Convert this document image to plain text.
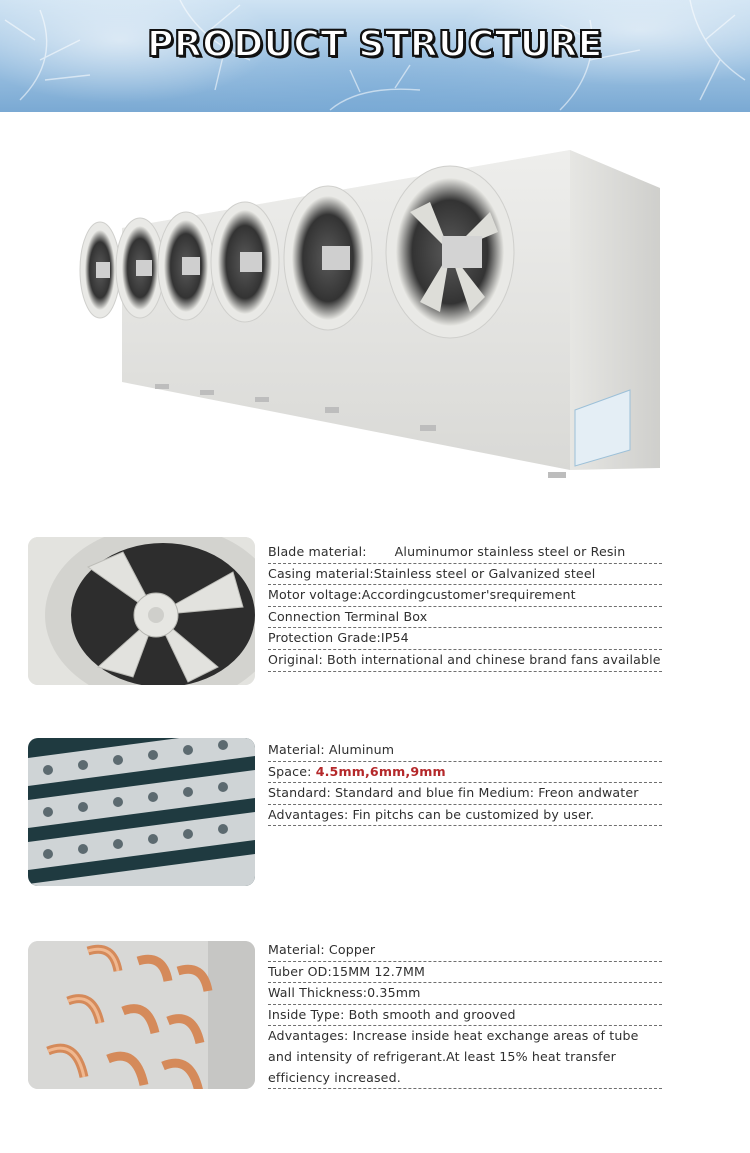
PRODUCT STRUCTURE
Blade material: Aluminumor stainless steel or Resin
Casing material:Stainless steel or Galvanized steel
Motor voltage:Accordingcustomer'srequirement
Connection Terminal Box
Protection Grade:IP54
Original: Both international and chinese brand fans available
Material: Aluminum
Space: 4.5mm,6mm,9mm
Standard: Standard and blue fin Medium: Freon andwater
Advantages: Fin pitchs can be customized by user.
Material: Copper
Tuber OD:15MM 12.7MM
Wall Thickness:0.35mm
Inside Type: Both smooth and grooved
Advantages: Increase inside heat exchange areas of tube
and intensity of refrigerant.At least 15% heat transfer
efficiency increased.
